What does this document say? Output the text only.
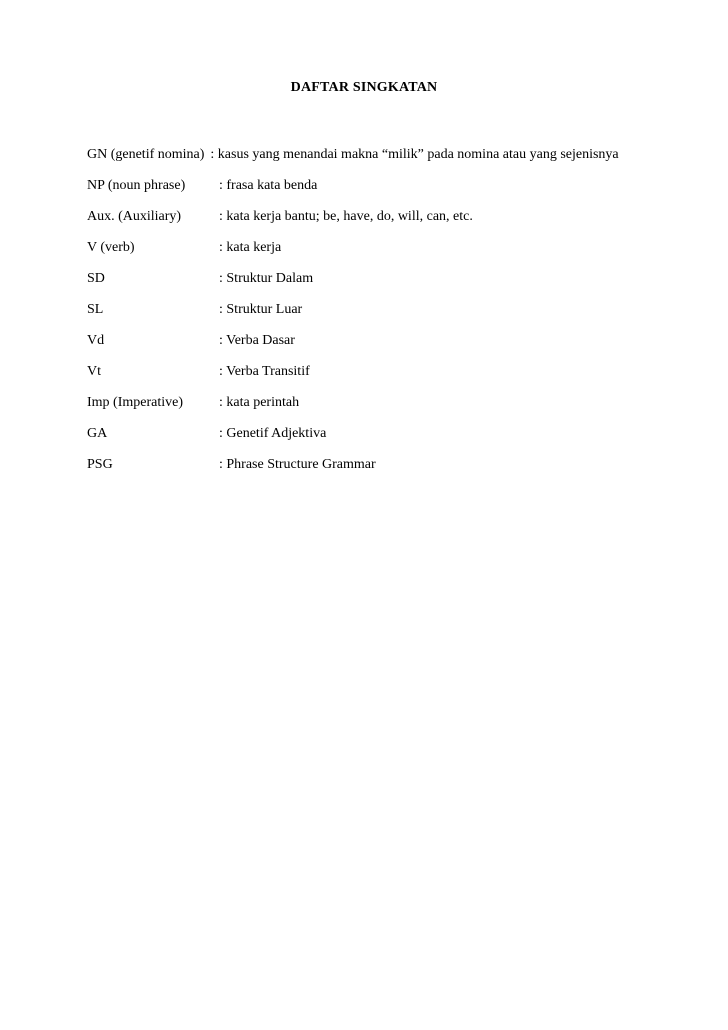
DAFTAR SINGKATAN
GN (genetif nomina) : kasus yang menandai makna “milik” pada nomina atau yang sejenisnya
NP (noun phrase) : frasa kata benda
Aux. (Auxiliary)	: kata kerja bantu; be, have, do, will, can, etc.
V (verb)	: kata kerja
SD	: Struktur Dalam
SL	: Struktur Luar
Vd	: Verba Dasar
Vt	: Verba Transitif
Imp (Imperative)	: kata perintah
GA	: Genetif Adjektiva
PSG	: Phrase Structure Grammar
